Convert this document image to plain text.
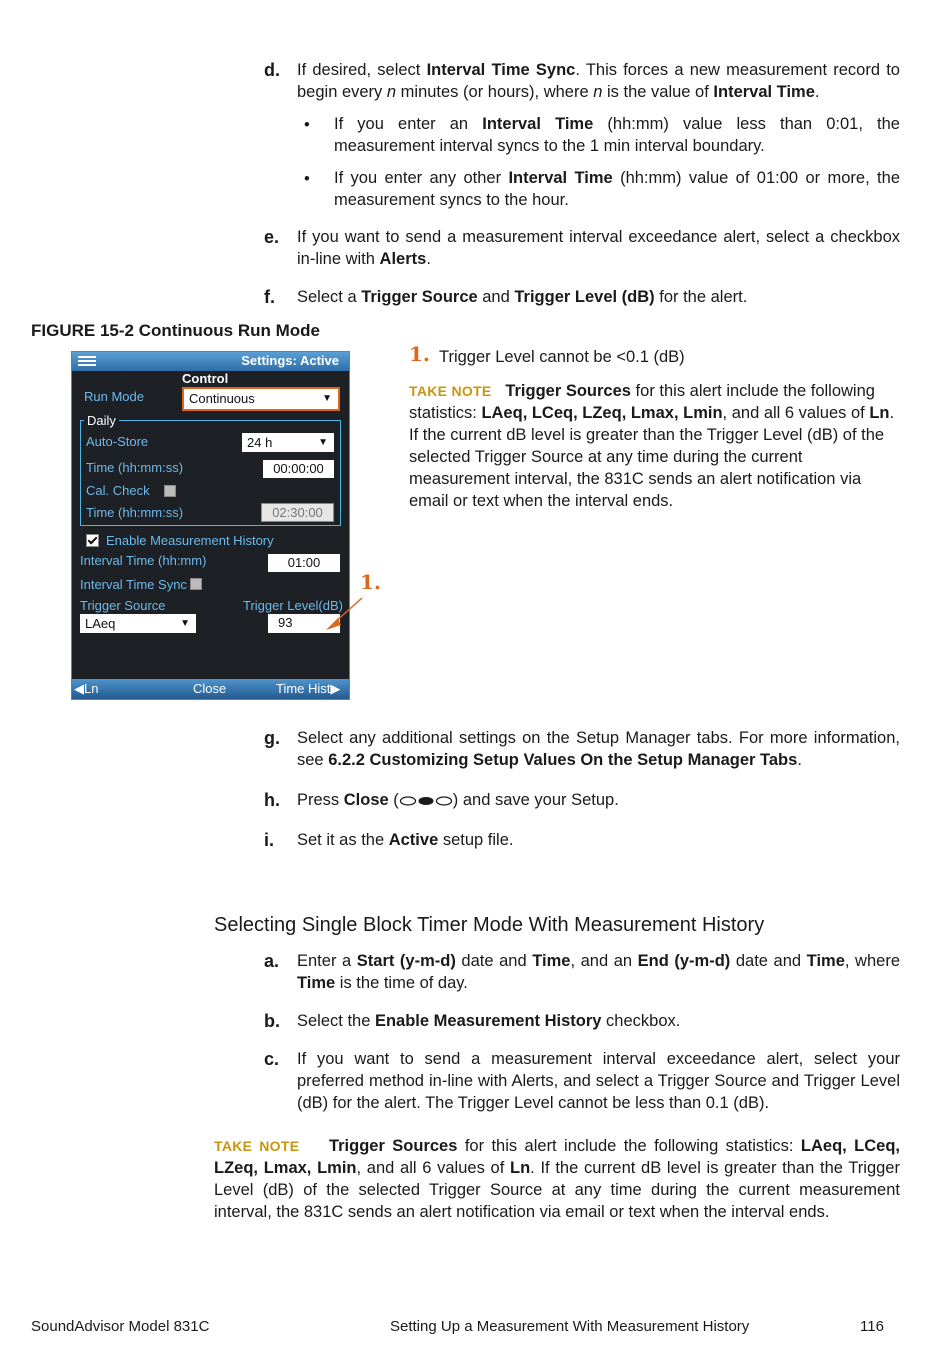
d. If desired, select Interval Time Sync. This forces a new measurement record to begin every n minutes (or hours), where n is the value of Interval Time.
• If you enter an Interval Time (hh:mm) value less than 0:01, the measurement interval syncs to the 1 min interval boundary.
• If you enter any other Interval Time (hh:mm) value of 01:00 or more, the measurement syncs to the hour.
e. If you want to send a measurement interval exceedance alert, select a checkbox in-line with Alerts.
f. Select a Trigger Source and Trigger Level (dB) for the alert.
FIGURE 15-2 Continuous Run Mode
Settings: Active
Control
Run Mode	Continuous	▼
Daily
Auto-Store	24 h	▼
Time (hh:mm:ss)	00:00:00
Cal. Check
Time (hh:mm:ss)	02:30:00
Enable Measurement History
Interval Time (hh:mm)	01:00
Interval Time Sync
Trigger Source	Trigger Level(dB)
LAeq	▼	93
◀Ln	Close	Time Hist▶
1.
1. Trigger Level cannot be <0.1 (dB)
TAKE NOTE Trigger Sources for this alert include the following statistics: LAeq, LCeq, LZeq, Lmax, Lmin, and all 6 values of Ln. If the current dB level is greater than the Trigger Level (dB) of the selected Trigger Source at any time during the current measurement interval, the 831C sends an alert notification via email or text when the interval ends.
g. Select any additional settings on the Setup Manager tabs. For more information, see 6.2.2 Customizing Setup Values On the Setup Manager Tabs.
h. Press Close (	) and save your Setup.
i. Set it as the Active setup file.
Selecting Single Block Timer Mode With Measurement History
a. Enter a Start (y-m-d) date and Time, and an End (y-m-d) date and Time, where Time is the time of day.
b. Select the Enable Measurement History checkbox.
c. If you want to send a measurement interval exceedance alert, select your preferred method in-line with Alerts, and select a Trigger Source and Trigger Level (dB) for the alert. The Trigger Level cannot be less than 0.1 (dB).
TAKE NOTE Trigger Sources for this alert include the following statistics: LAeq, LCeq, LZeq, Lmax, Lmin, and all 6 values of Ln. If the current dB level is greater than the Trigger Level (dB) of the selected Trigger Source at any time during the current measurement interval, the 831C sends an alert notification via email or text when the interval ends.
SoundAdvisor Model 831C	Setting Up a Measurement With Measurement History	116
